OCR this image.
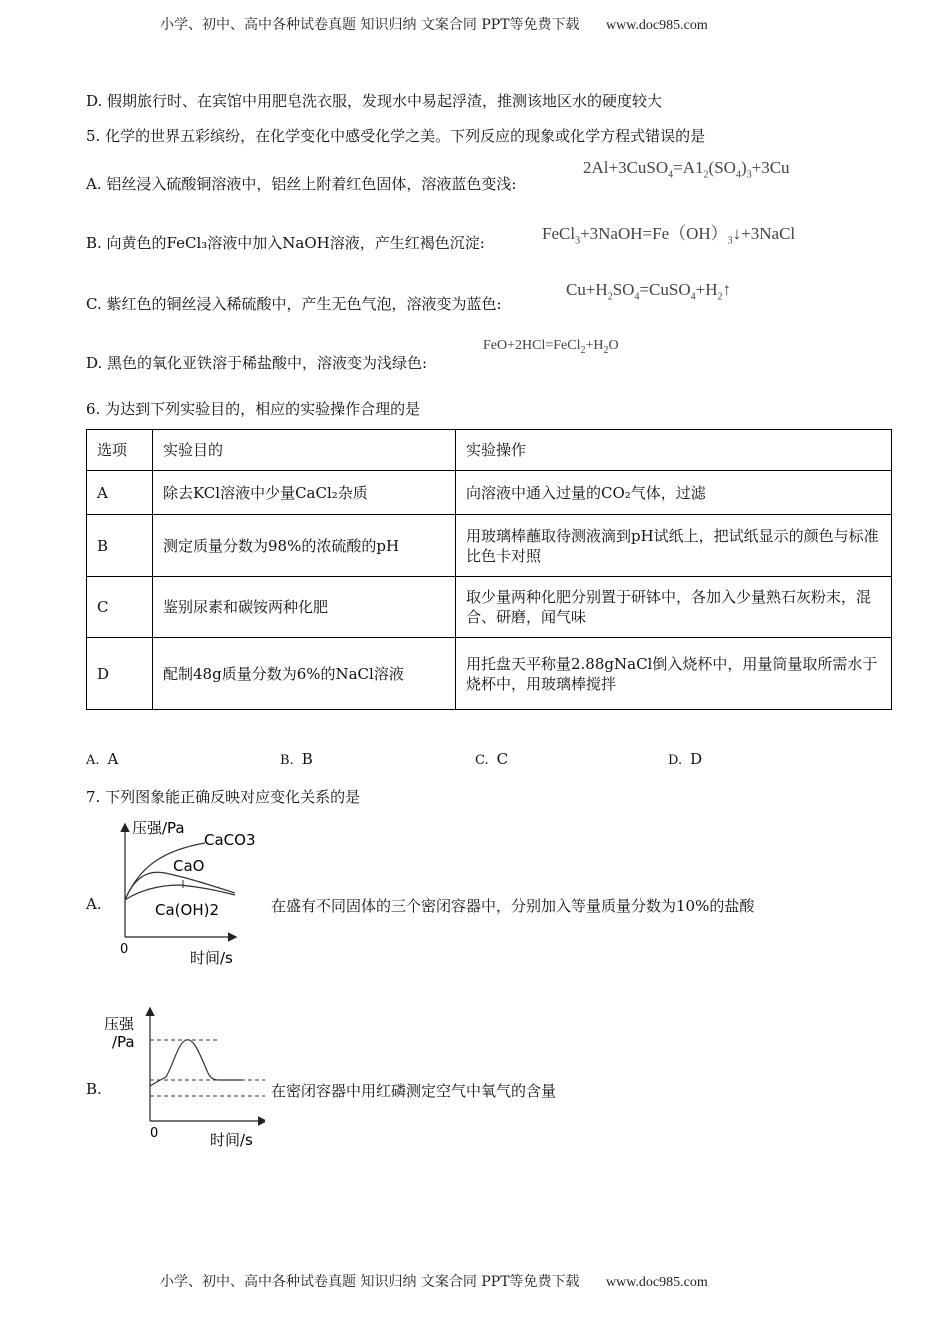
小学、初中、高中各种试卷真题 知识归纳 文案合同 PPT等免费下载 www.doc985.com
D. 假期旅行时、在宾馆中用肥皂洗衣服，发现水中易起浮渣，推测该地区水的硬度较大
5. 化学的世界五彩缤纷，在化学变化中感受化学之美。下列反应的现象或化学方程式错误的是
A. 铝丝浸入硫酸铜溶液中，铝丝上附着红色固体，溶液蓝色变浅:
$2Al+3CuSO_4=A1_2(SO_4)_3+3Cu$
B. 向黄色的FeCl₃溶液中加入NaOH溶液，产生红褐色沉淀:	$FeCl_3+3NaOH=Fe(OH)_3↓+3NaCl$
C. 紫红色的铜丝浸入稀硫酸中，产生无色气泡，溶液变为蓝色:
$Cu+H_2SO_4=CuSO_4+H_2↑$
D. 黑色的氧化亚铁溶于稀盐酸中，溶液变为浅绿色:
$FeO+2HCl=FeCl_2+H_2O$
6. 为达到下列实验目的，相应的实验操作合理的是
选项	实验目的	实验操作
A	除去KCl溶液中少量CaCl₂杂质	向溶液中通入过量的CO₂气体，过滤
B	测定质量分数为98%的浓硫酸的pH	用玻璃棒蘸取待测液滴到pH试纸上，把试纸显示的颜色与标准比色卡对照
C	鉴别尿素和碳铵两种化肥	取少量两种化肥分别置于研钵中，各加入少量熟石灰粉末，混合、研磨，闻气味
D	配制48g质量分数为6%的NaCl溶液	用托盘天平称量2.88gNaCl倒入烧杯中，用量筒量取所需水于烧杯中，用玻璃棒搅拌
A. A	B. B	C. C	D. D
7. 下列图象能正确反映对应变化关系的是
A.
压强/Pa
CaCO3
CaO
Ca(OH)2
0	时间/s
在盛有不同固体的三个密闭容器中，分别加入等量质量分数为10%的盐酸
B.
压强
/Pa
0	时间/s
在密闭容器中用红磷测定空气中氧气的含量
小学、初中、高中各种试卷真题 知识归纳 文案合同 PPT等免费下载 www.doc985.com
